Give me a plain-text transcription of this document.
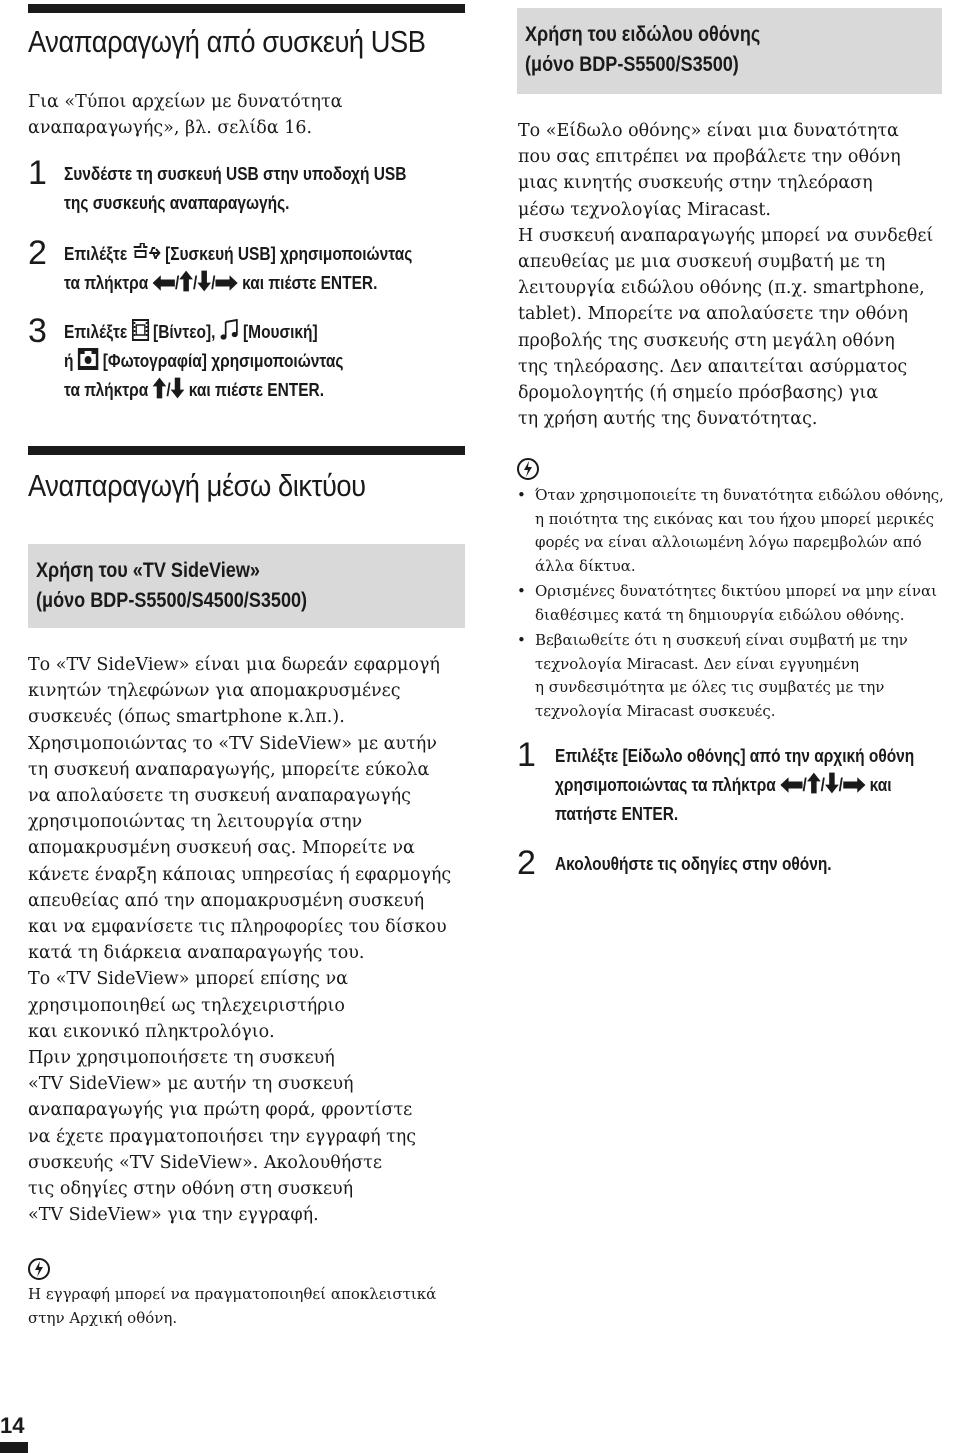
Αναπαραγωγή από συσκευή USB

Για «Τύποι αρχείων με δυνατότητα
αναπαραγωγής», βλ. σελίδα 16.

1 Συνδέστε τη συσκευή USB στην υποδοχή USB
της συσκευής αναπαραγωγής.
2 Επιλέξτε [Συσκευή USB] χρησιμοποιώντας
τα πλήκτρα / / / και πιέστε ENTER.
3 Επιλέξτε [Βίντεο], [Μουσική]
ή [Φωτογραφία] χρησιμοποιώντας
τα πλήκτρα / και πιέστε ENTER.
Αναπαραγωγή μέσω δικτύου
Χρήση του «TV SideView»
(μόνο BDP-S5500/S4500/S3500)

Το «TV SideView» είναι μια δωρεάν εφαρμογή
κινητών τηλεφώνων για απομακρυσμένες
συσκευές (όπως smartphone κ.λπ.).
Χρησιμοποιώντας το «TV SideView» με αυτήν
τη συσκευή αναπαραγωγής, μπορείτε εύκολα
να απολαύσετε τη συσκευή αναπαραγωγής
χρησιμοποιώντας τη λειτουργία στην
απομακρυσμένη συσκευή σας. Μπορείτε να
κάνετε έναρξη κάποιας υπηρεσίας ή εφαρμογής
απευθείας από την απομακρυσμένη συσκευή
και να εμφανίσετε τις πληροφορίες του δίσκου
κατά τη διάρκεια αναπαραγωγής του.
Το «TV SideView» μπορεί επίσης να
χρησιμοποιηθεί ως τηλεχειριστήριο
και εικονικό πληκτρολόγιο.
Πριν χρησιμοποιήσετε τη συσκευή
«TV SideView» με αυτήν τη συσκευή
αναπαραγωγής για πρώτη φορά, φροντίστε
να έχετε πραγματοποιήσει την εγγραφή της
συσκευής «TV SideView». Ακολουθήστε
τις οδηγίες στην οθόνη στη συσκευή
«TV SideView» για την εγγραφή.

Η εγγραφή μπορεί να πραγματοποιηθεί αποκλειστικά
στην Αρχική οθόνη.

Χρήση του ειδώλου οθόνης
(μόνο BDP-S5500/S3500)

Το «Είδωλο οθόνης» είναι μια δυνατότητα
που σας επιτρέπει να προβάλετε την οθόνη
μιας κινητής συσκευής στην τηλεόραση
μέσω τεχνολογίας Miracast.
Η συσκευή αναπαραγωγής μπορεί να συνδεθεί
απευθείας με μια συσκευή συμβατή με τη
λειτουργία ειδώλου οθόνης (π.χ. smartphone,
tablet). Μπορείτε να απολαύσετε την οθόνη
προβολής της συσκευής στη μεγάλη οθόνη
της τηλεόρασης. Δεν απαιτείται ασύρματος
δρομολογητής (ή σημείο πρόσβασης) για
τη χρήση αυτής της δυνατότητας.

• Όταν χρησιμοποιείτε τη δυνατότητα ειδώλου οθόνης,
η ποιότητα της εικόνας και του ήχου μπορεί μερικές
φορές να είναι αλλοιωμένη λόγω παρεμβολών από
άλλα δίκτυα.
• Ορισμένες δυνατότητες δικτύου μπορεί να μην είναι
διαθέσιμες κατά τη δημιουργία ειδώλου οθόνης.
• Βεβαιωθείτε ότι η συσκευή είναι συμβατή με την
τεχνολογία Miracast. Δεν είναι εγγυημένη
η συνδεσιμότητα με όλες τις συμβατές με την
τεχνολογία Miracast συσκευές.
1 Επιλέξτε [Είδωλο οθόνης] από την αρχική οθόνη
χρησιμοποιώντας τα πλήκτρα / / / και
πατήστε ENTER.
2 Ακολουθήστε τις οδηγίες στην οθόνη.
14
